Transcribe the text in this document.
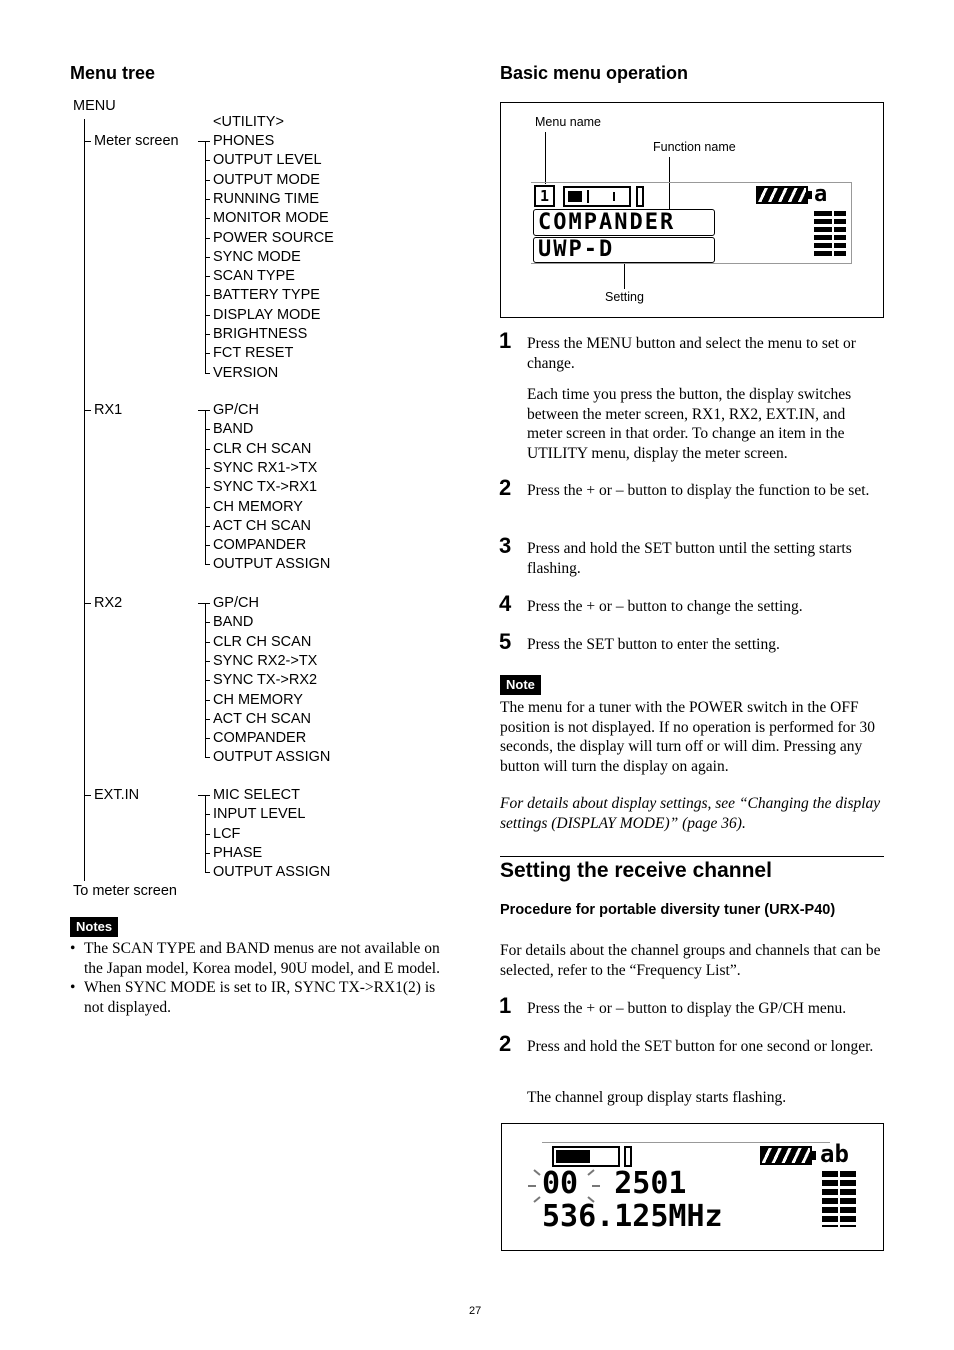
Menu tree
MENU
<UTILITY>
To meter screen
Meter screen PHONES
OUTPUT LEVEL
OUTPUT MODE
RUNNING TIME
MONITOR MODE
POWER SOURCE
SYNC MODE
SCAN TYPE
BATTERY TYPE
DISPLAY MODE
BRIGHTNESS
FCT RESET
VERSION
RX1	GP/CH
BAND
CLR CH SCAN
SYNC RX1->TX
SYNC TX->RX1
CH MEMORY
ACT CH SCAN
COMPANDER
OUTPUT ASSIGN
RX2	GP/CH
BAND
CLR CH SCAN
SYNC RX2->TX
SYNC TX->RX2
CH MEMORY
ACT CH SCAN
COMPANDER
OUTPUT ASSIGN
EXT.IN	MIC SELECT
INPUT LEVEL
LCF
PHASE
OUTPUT ASSIGN
Notes
• The SCAN TYPE and BAND menus are not available on the Japan model, Korea model, 90U model, and E model.
• When SYNC MODE is set to IR, SYNC TX->RX1(2) is not displayed.
Basic menu operation
Menu name
Function name
Setting
1	a
COMPANDER
UWP-D
1 Press the MENU button and select the menu to set or change.
Each time you press the button, the display switches between the meter screen, RX1, RX2, EXT.IN, and meter screen in that order. To change an item in the UTILITY menu, display the meter screen.
2 Press the + or – button to display the function to be set.
3 Press and hold the SET button until the setting starts flashing.
4 Press the + or – button to change the setting.
5 Press the SET button to enter the setting.
Note
The menu for a tuner with the POWER switch in the OFF position is not displayed. If no operation is performed for 30 seconds, the display will turn off or will dim. Pressing any button will turn the display on again.
For details about display settings, see “Changing the display settings (DISPLAY MODE)” (page 36).
Setting the receive channel
Procedure for portable diversity tuner (URX-P40)
For details about the channel groups and channels that can be selected, refer to the “Frequency List”.
1 Press the + or – button to display the GP/CH menu.
2 Press and hold the SET button for one second or longer.
The channel group display starts flashing.
ab
00 2501
536.125MHz
27
